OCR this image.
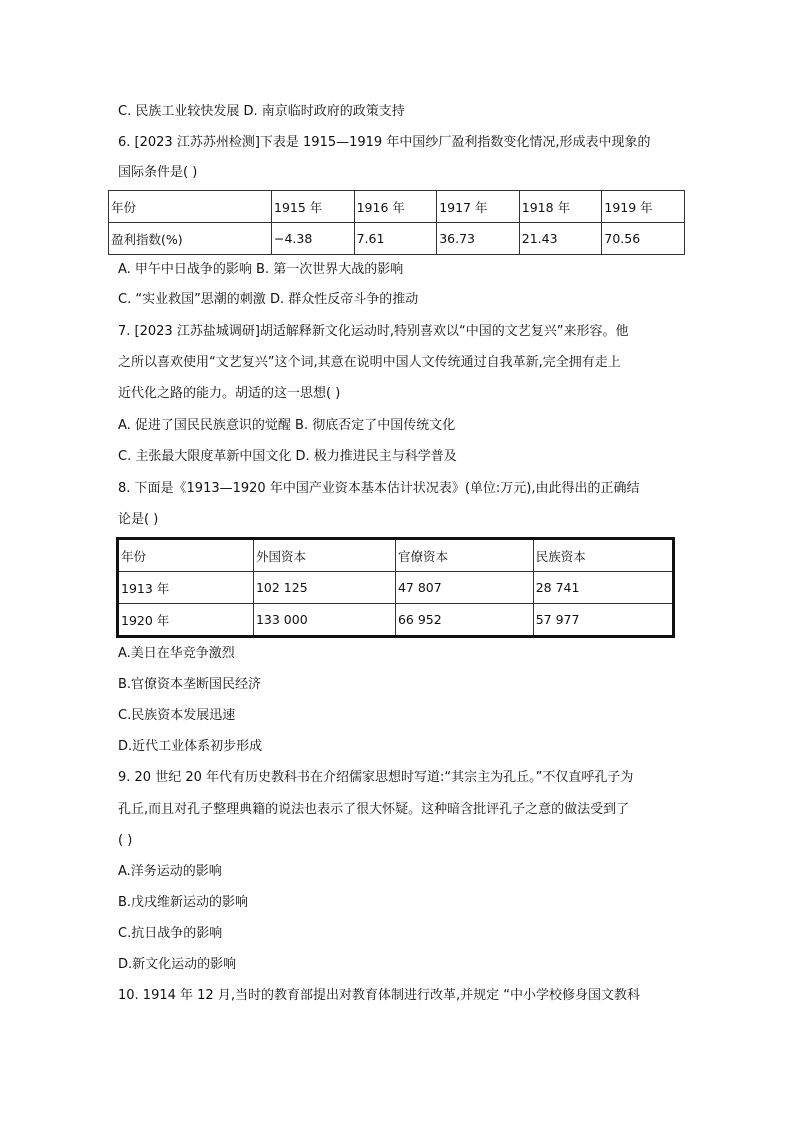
C. 民族工业较快发展 D. 南京临时政府的政策支持
6. [2023 江苏苏州检测]下表是 1915—1919 年中国纱厂盈利指数变化情况,形成表中现象的
国际条件是( )
年份	1915 年	1916 年	1917 年	1918 年	1919 年
盈利指数(%)	−4.38	7.61	36.73	21.43	70.56
A. 甲午中日战争的影响 B. 第一次世界大战的影响
C. “实业救国”思潮的刺激 D. 群众性反帝斗争的推动
7. [2023 江苏盐城调研]胡适解释新文化运动时,特别喜欢以“中国的文艺复兴”来形容。他
之所以喜欢使用“文艺复兴”这个词,其意在说明中国人文传统通过自我革新,完全拥有走上
近代化之路的能力。胡适的这一思想( )
A. 促进了国民民族意识的觉醒 B. 彻底否定了中国传统文化
C. 主张最大限度革新中国文化 D. 极力推进民主与科学普及
8. 下面是《1913—1920 年中国产业资本基本估计状况表》(单位:万元),由此得出的正确结
论是( )
年份	外国资本	官僚资本	民族资本
1913 年	102 125	47 807	28 741
1920 年	133 000	66 952	57 977
A.美日在华竞争激烈
B.官僚资本垄断国民经济
C.民族资本发展迅速
D.近代工业体系初步形成
9. 20 世纪 20 年代有历史教科书在介绍儒家思想时写道:“其宗主为孔丘。”不仅直呼孔子为
孔丘,而且对孔子整理典籍的说法也表示了很大怀疑。这种暗含批评孔子之意的做法受到了
( )
A.洋务运动的影响
B.戊戌维新运动的影响
C.抗日战争的影响
D.新文化运动的影响
10. 1914 年 12 月,当时的教育部提出对教育体制进行改革,并规定 “中小学校修身国文教科
